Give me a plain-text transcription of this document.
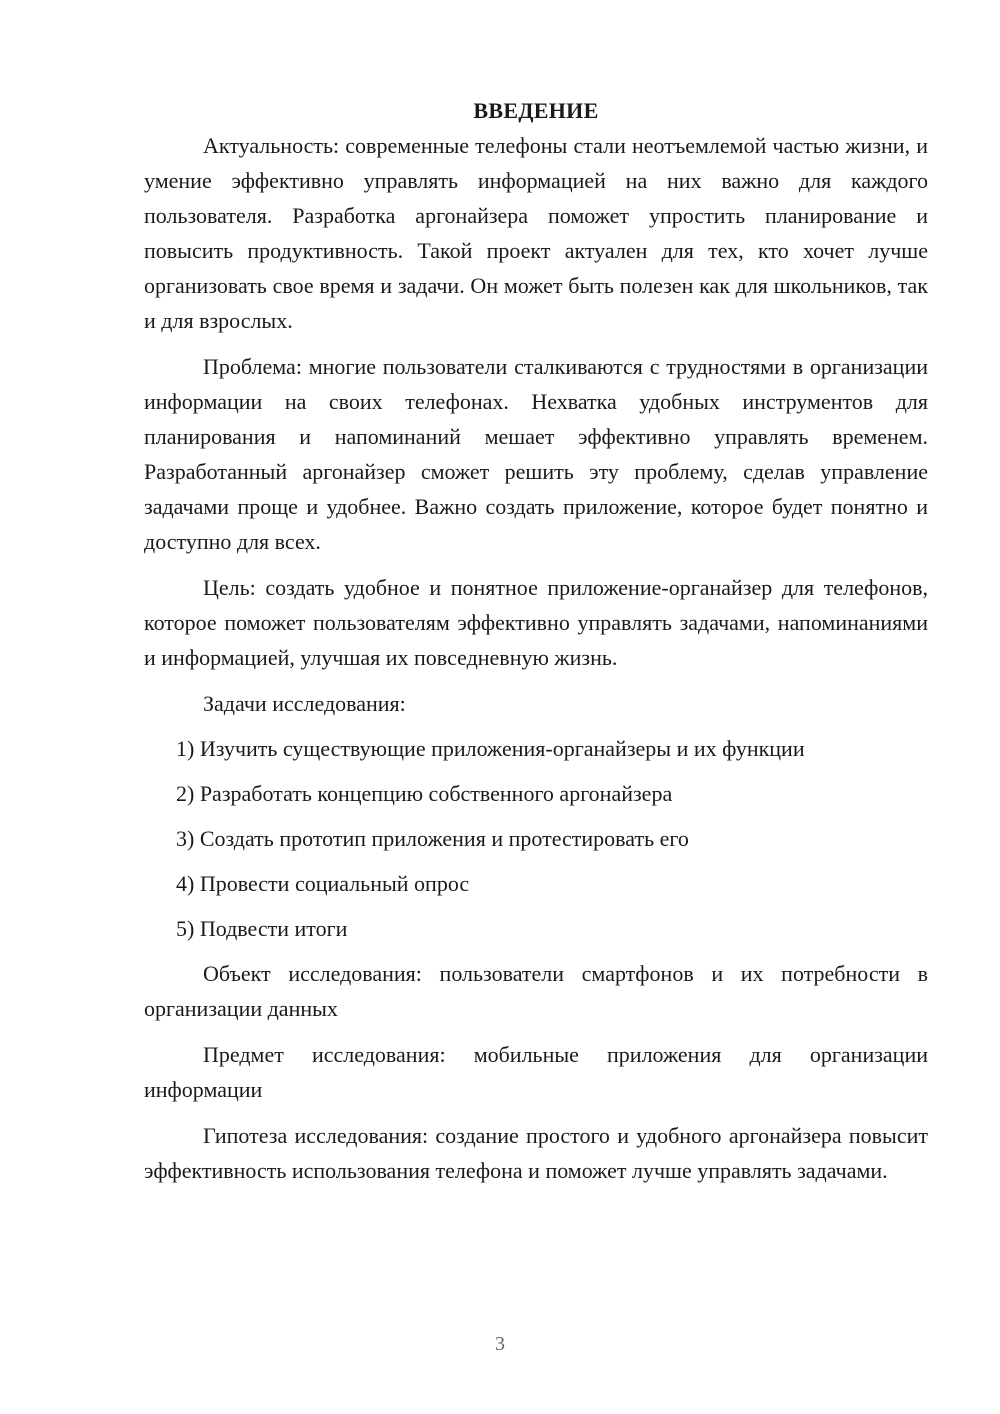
ВВЕДЕНИЕ

Актуальность: современные телефоны стали неотъемлемой частью жизни, и умение эффективно управлять информацией на них важно для каждого пользователя. Разработка аргонайзера поможет упростить планирование и повысить продуктивность. Такой проект актуален для тех, кто хочет лучше организовать свое время и задачи. Он может быть полезен как для школьников, так и для взрослых.

Проблема: многие пользователи сталкиваются с трудностями в организации информации на своих телефонах. Нехватка удобных инструментов для планирования и напоминаний мешает эффективно управлять временем. Разработанный аргонайзер сможет решить эту проблему, сделав управление задачами проще и удобнее. Важно создать приложение, которое будет понятно и доступно для всех.

Цель: создать удобное и понятное приложение-органайзер для телефонов, которое поможет пользователям эффективно управлять задачами, напоминаниями и информацией, улучшая их повседневную жизнь.

Задачи исследования:

1) Изучить существующие приложения-органайзеры и их функции

2) Разработать концепцию собственного аргонайзера

3) Создать прототип приложения и протестировать его

4) Провести социальный опрос

5) Подвести итоги

Объект исследования: пользователи смартфонов и их потребности в организации данных

Предмет исследования: мобильные приложения для организации информации

Гипотеза исследования: создание простого и удобного аргонайзера повысит эффективность использования телефона и поможет лучше управлять задачами.

3
